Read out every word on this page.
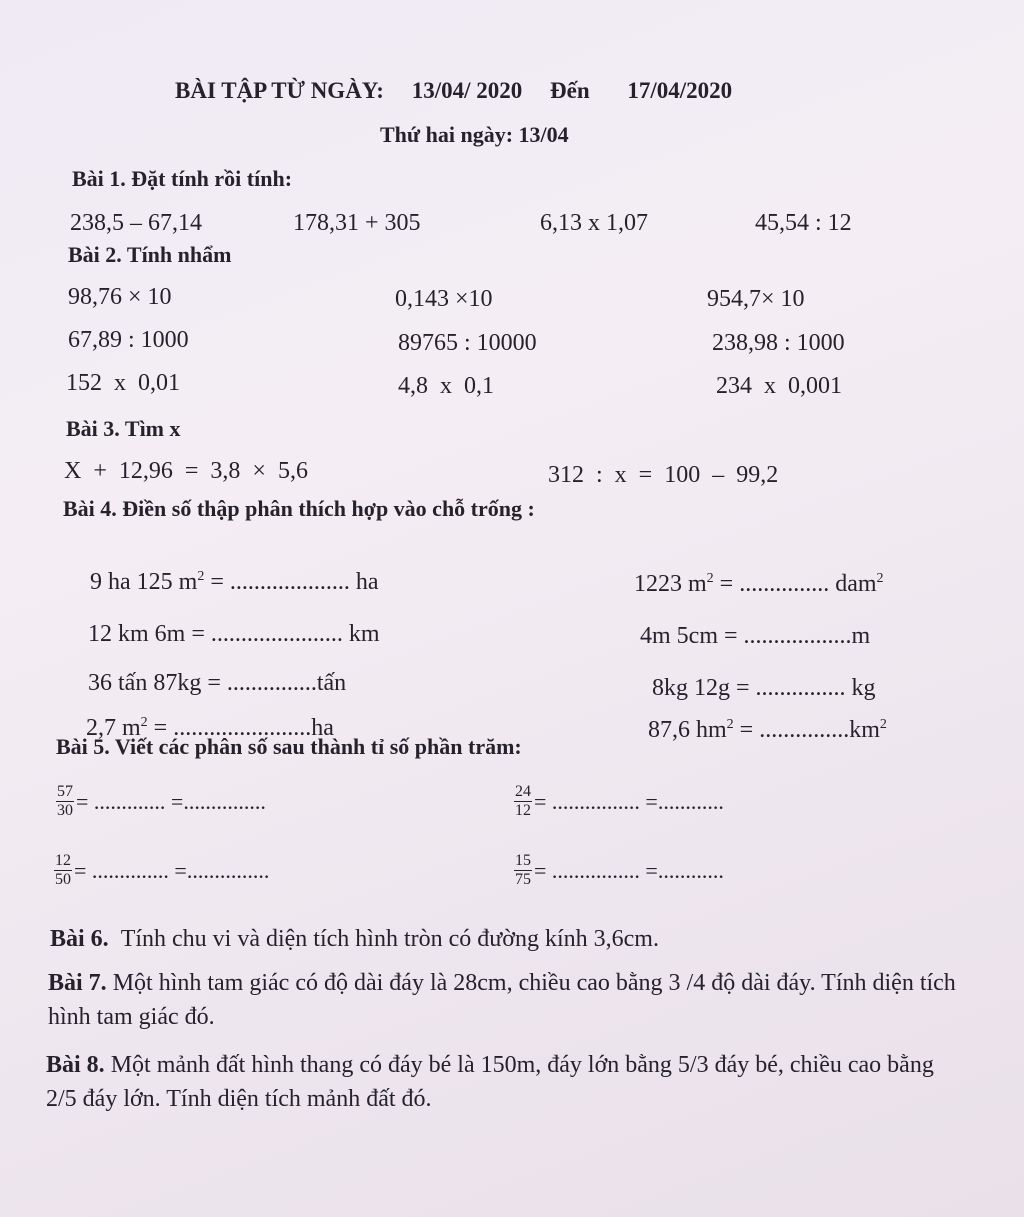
BÀI TẬP TỪ NGÀY: 13/04/ 2020 Đến 17/04/2020
Thứ hai ngày: 13/04
Bài 1. Đặt tính rồi tính:
238,5 – 67,14	178,31 + 305	6,13 x 1,07	45,54 : 12
Bài 2. Tính nhẩm
98,76 × 10	0,143 ×10	954,7× 10
67,89 : 1000	89765 : 10000	238,98 : 1000
152  x  0,01	4,8  x  0,1	234  x  0,001
Bài 3. Tìm x
X  +  12,96  =  3,8  ×  5,6	312  :  x  =  100  –  99,2
Bài 4. Điền số thập phân thích hợp vào chỗ trống :

9 ha 125 $m^2$ = .................... ha

12 km 6m = ...................... km

36 tấn 87kg = ...............tấn

2,7 $m^2 = .......................ha$

1223 $m^2$ = ............... dam$^2$

4m 5cm = ..................m

8kg 12g = ............... kg

87,6 $hm^2 = ...............km^2$

Bài 5. Viết các phân số sau thành tỉ số phần trăm:
$\frac{57}{30}$ = ............. =...............	$\frac{24}{12}$ = ................ =............
$\frac{12}{50}$ = .............. =...............	$\frac{15}{75}$ = ................ =............
Bài 6. Tính chu vi và diện tích hình tròn có đường kính 3,6cm.
Bài 7. Một hình tam giác có độ dài đáy là 28cm, chiều cao bằng 3 /4 độ dài đáy. Tính diện tích hình tam giác đó.
Bài 8. Một mảnh đất hình thang có đáy bé là 150m, đáy lớn bằng 5/3 đáy bé, chiều cao bằng 2/5 đáy lớn. Tính diện tích mảnh đất đó.
